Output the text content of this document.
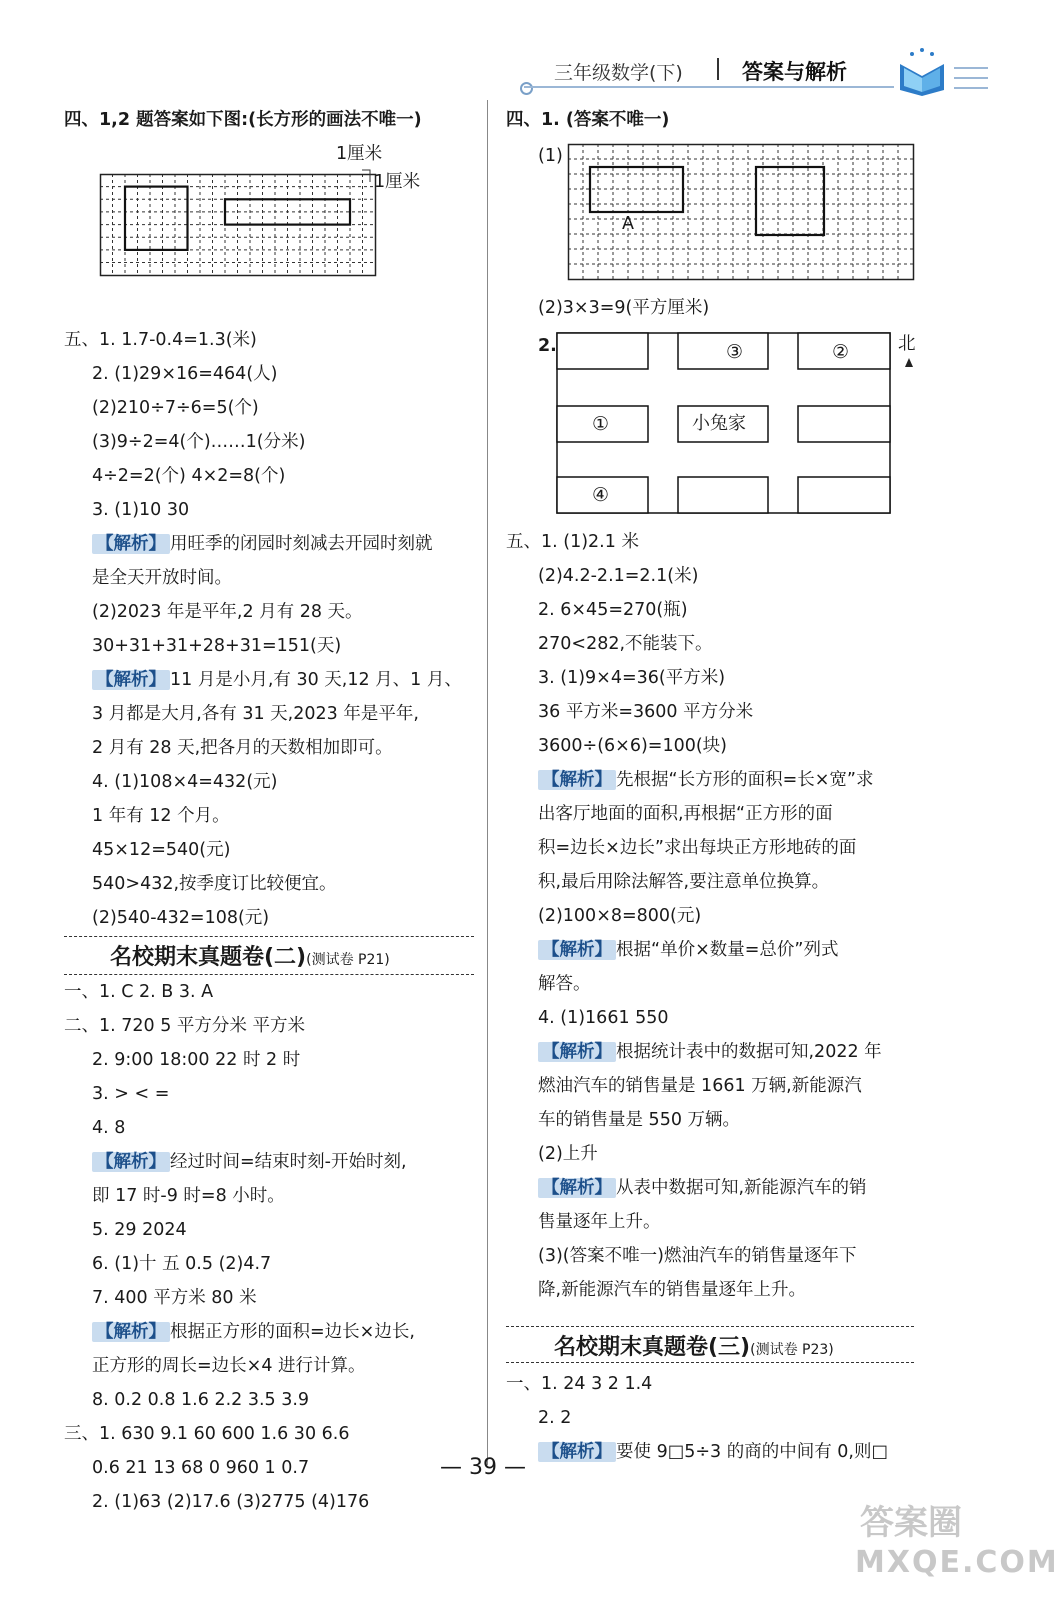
三年级数学(下)	答案与解析
四、1,2 题答案如下图:(长方形的画法不唯一)
1厘米
1厘米
五、1. 1.7-0.4=1.3(米)
2. (1)29×16=464(人)
(2)210÷7÷6=5(个)
(3)9÷2=4(个)……1(分米)
4÷2=2(个) 4×2=8(个)
3. (1)10 30
【解析】 用旺季的闭园时刻减去开园时刻就
是全天开放时间。
(2)2023 年是平年,2 月有 28 天。
30+31+31+28+31=151(天)
【解析】 11 月是小月,有 30 天,12 月、1 月、
3 月都是大月,各有 31 天,2023 年是平年,
2 月有 28 天,把各月的天数相加即可。
4. (1)108×4=432(元)
1 年有 12 个月。
45×12=540(元)
540>432,按季度订比较便宜。
(2)540-432=108(元)
名校期末真题卷(二)(测试卷 P21)
一、1. C 2. B 3. A
二、1. 720 5 平方分米 平方米
2. 9:00 18:00 22 时 2 时
3. > < =
4. 8
【解析】 经过时间=结束时刻-开始时刻,
即 17 时-9 时=8 小时。
5. 29 2024
6. (1)十 五 0.5 (2)4.7
7. 400 平方米 80 米
【解析】 根据正方形的面积=边长×边长,
正方形的周长=边长×4 进行计算。
8. 0.2 0.8 1.6 2.2 3.5 3.9
三、1. 630 9.1 60 600 1.6 30 6.6
0.6 21 13 68 0 960 1 0.7
2. (1)63 (2)17.6 (3)2775 (4)176
四、1. (答案不唯一)
(1)
A
(2)3×3=9(平方厘米)
2.	北
③	②
①	小兔家
④
五、1. (1)2.1 米
(2)4.2-2.1=2.1(米)
2. 6×45=270(瓶)
270<282,不能装下。
3. (1)9×4=36(平方米)
36 平方米=3600 平方分米
3600÷(6×6)=100(块)
【解析】 先根据“长方形的面积=长×宽”求
出客厅地面的面积,再根据“正方形的面
积=边长×边长”求出每块正方形地砖的面
积,最后用除法解答,要注意单位换算。
(2)100×8=800(元)
【解析】 根据“单价×数量=总价”列式
解答。
4. (1)1661 550
【解析】 根据统计表中的数据可知,2022 年
燃油汽车的销售量是 1661 万辆,新能源汽
车的销售量是 550 万辆。
(2)上升
【解析】 从表中数据可知,新能源汽车的销
售量逐年上升。
(3)(答案不唯一)燃油汽车的销售量逐年下
降,新能源汽车的销售量逐年上升。
名校期末真题卷(三)(测试卷 P23)
一、1. 24 3 2 1.4
2. 2
【解析】 要使 9□5÷3 的商的中间有 0,则□
— 39 —
答案圈
MXQE.COM
